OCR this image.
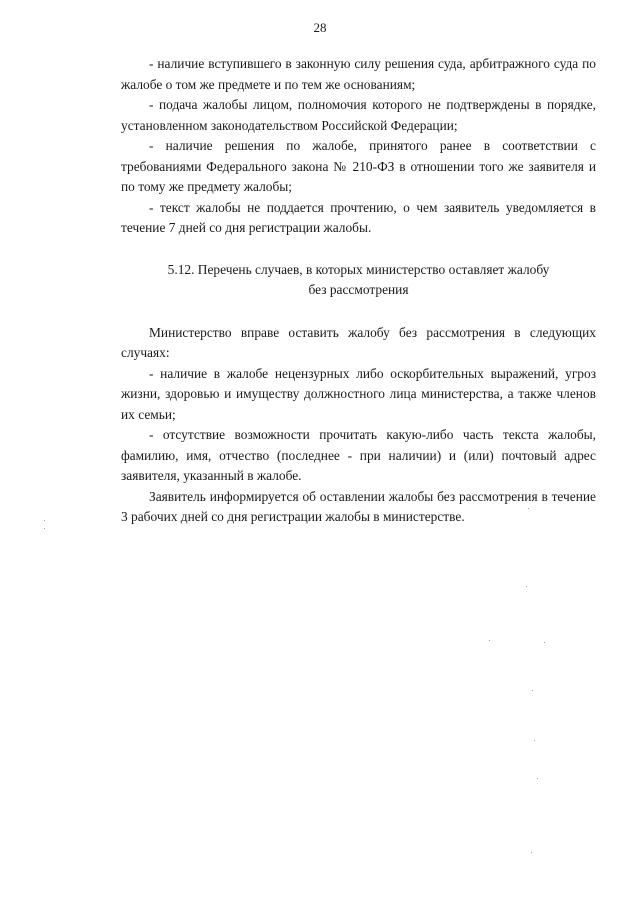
28

- наличие вступившего в законную силу решения суда, арбитражного суда по жалобе о том же предмете и по тем же основаниям;

- подача жалобы лицом, полномочия которого не подтверждены в порядке, установленном законодательством Российской Федерации;

- наличие решения по жалобе, принятого ранее в соответствии с требованиями Федерального закона № 210-ФЗ в отношении того же заявителя и по тому же предмету жалобы;

- текст жалобы не поддается прочтению, о чем заявитель уведомляется в течение 7 дней со дня регистрации жалобы.

5.12. Перечень случаев, в которых министерство оставляет жалобу
без рассмотрения

Министерство вправе оставить жалобу без рассмотрения в следующих случаях:

- наличие в жалобе нецензурных либо оскорбительных выражений, угроз жизни, здоровью и имуществу должностного лица министерства, а также членов их семьи;

- отсутствие возможности прочитать какую-либо часть текста жалобы, фамилию, имя, отчество (последнее - при наличии) и (или) почтовый адрес заявителя, указанный в жалобе.

Заявитель информируется об оставлении жалобы без рассмотрения в течение 3 рабочих дней со дня регистрации жалобы в министерстве.
